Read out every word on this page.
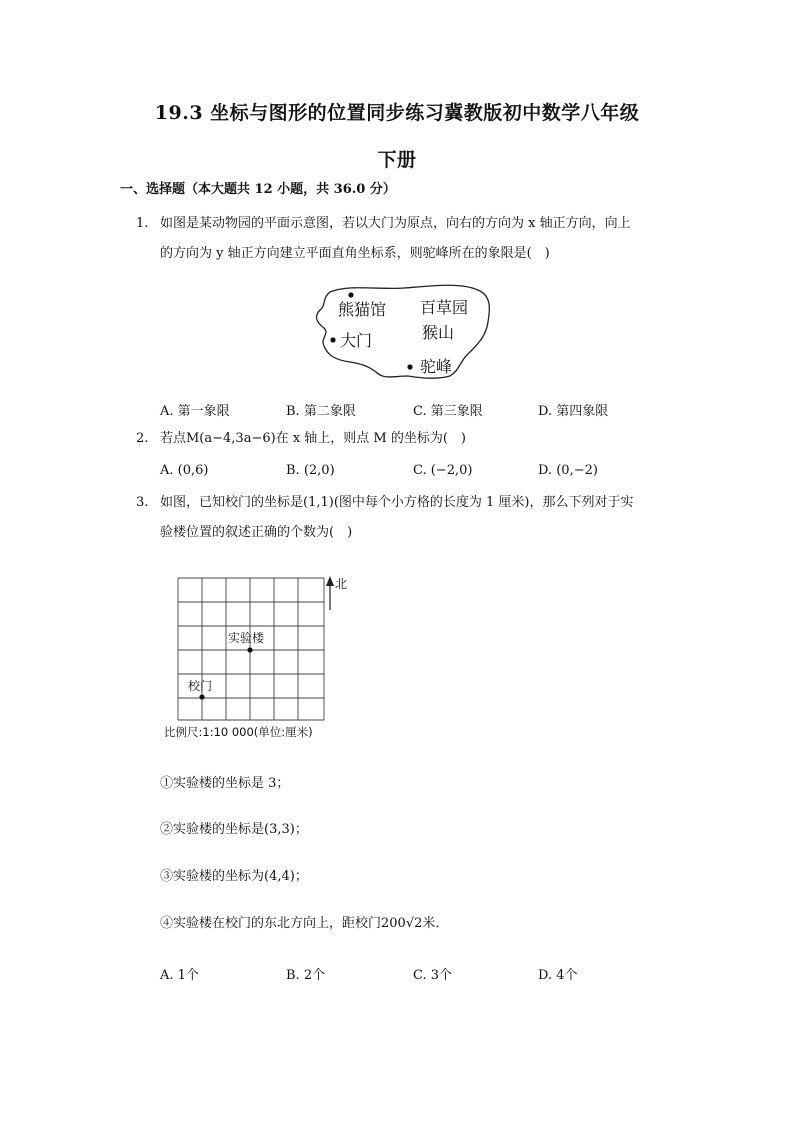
19.3 坐标与图形的位置同步练习冀教版初中数学八年级
下册
一、选择题（本大题共 12 小题，共 36.0 分）
1. 如图是某动物园的平面示意图，若以大门为原点，向右的方向为 x 轴正方向，向上
的方向为 y 轴正方向建立平面直角坐标系，则驼峰所在的象限是(　)
熊猫馆 百草园
大门	猴山
驼峰
A. 第一象限	B. 第二象限	C. 第三象限	D. 第四象限
2. 若点M(a−4,3a−6)在 x 轴上，则点 M 的坐标为(　)
A. (0,6)	B. (2,0)	C. (−2,0)	D. (0,−2)
3. 如图，已知校门的坐标是(1,1)(图中每个小方格的长度为 1 厘米)，那么下列对于实
验楼位置的叙述正确的个数为(　)
北
实验楼
校门
比例尺:1:10 000(单位:厘米)
①实验楼的坐标是 3；
②实验楼的坐标是(3,3)；
③实验楼的坐标为(4,4)；
④实验楼在校门的东北方向上，距校门200√2米．
A. 1个	B. 2个	C. 3个	D. 4个
